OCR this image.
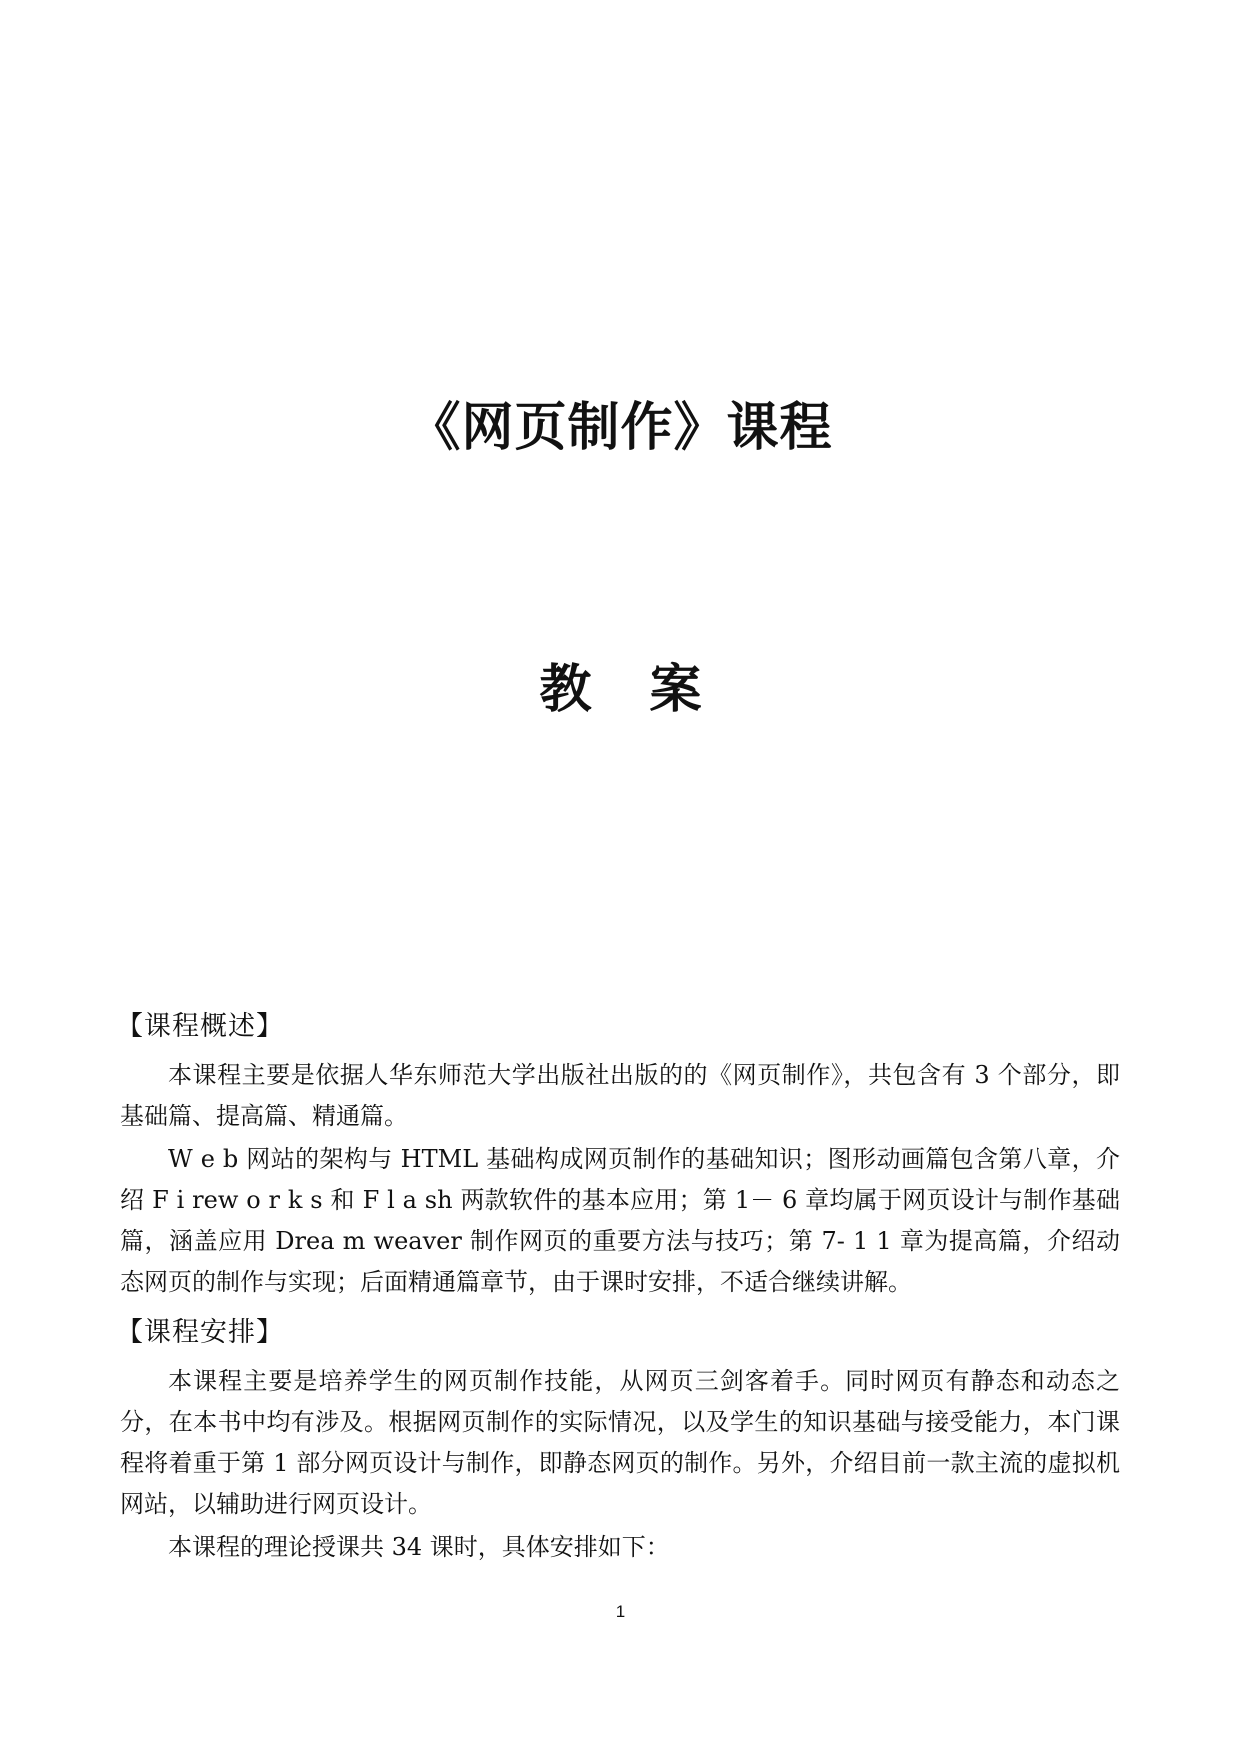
《网页制作》课程
教案
【课程概述】

本课程主要是依据人华东师范大学出版社出版的的《网页制作》，共包含有 3 个部分，即基础篇、提高篇、精通篇。

W e b 网站的架构与 HTML 基础构成网页制作的基础知识；图形动画篇包含第八章，介绍 F i rew o r k s 和 F l a sh 两款软件的基本应用；第 1－ 6 章均属于网页设计与制作基础篇，涵盖应用 Drea m weaver 制作网页的重要方法与技巧；第 7- 1 1 章为提高篇，介绍动态网页的制作与实现；后面精通篇章节，由于课时安排，不适合继续讲解。

【课程安排】

本课程主要是培养学生的网页制作技能，从网页三剑客着手。同时网页有静态和动态之分，在本书中均有涉及。根据网页制作的实际情况，以及学生的知识基础与接受能力，本门课程将着重于第 1 部分网页设计与制作，即静态网页的制作。另外，介绍目前一款主流的虚拟机网站，以辅助进行网页设计。

本课程的理论授课共 34 课时，具体安排如下：

1
